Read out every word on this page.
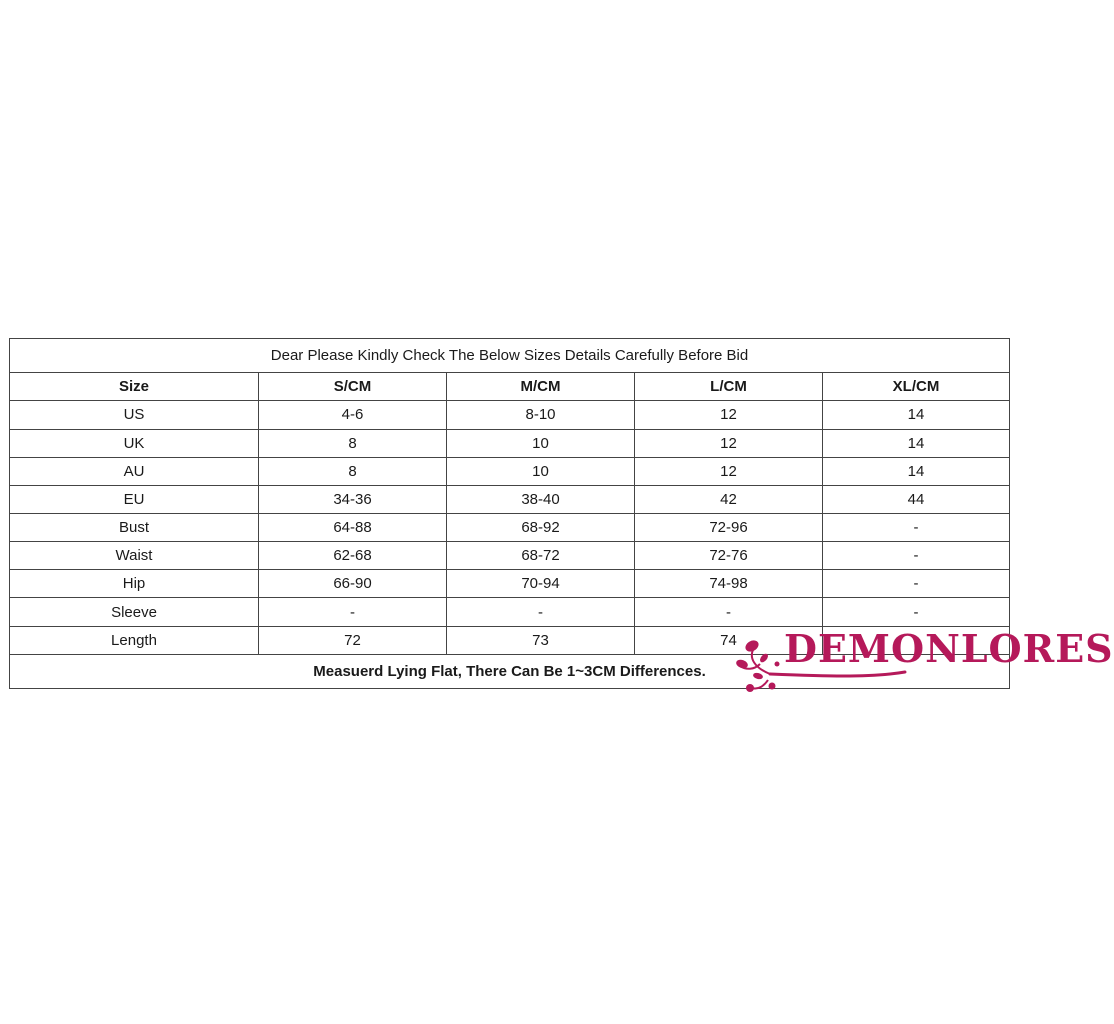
Dear Please Kindly Check The Below Sizes Details Carefully Before Bid				
Size	S/CM	M/CM	L/CM	XL/CM
US	4-6	8-10	12	14
UK	8	10	12	14
AU	8	10	12	14
EU	34-36	38-40	42	44
Bust	64-88	68-92	72-96	-
Waist	62-68	68-72	72-76	-
Hip	66-90	70-94	74-98	-
Sleeve	-	-	-	-
Length	72	73	74	
Measuerd Lying Flat, There Can Be 1~3CM Differences.				
DEMONLORES
